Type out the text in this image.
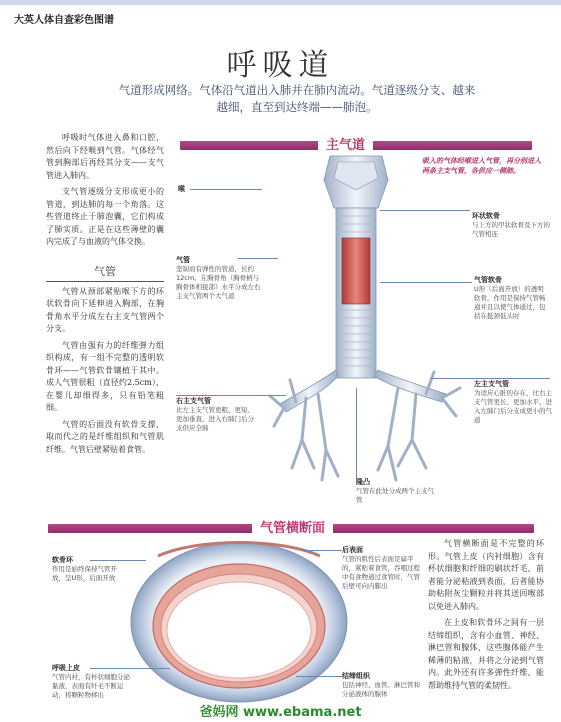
大英人体自查彩色图谱
呼吸道
气道形成网络。气体沿气道出入肺并在肺内流动。气道逐级分支、越来
越细，直至到达终端——肺泡。

呼吸时气体进入鼻和口腔，然后向下经喉到气管。气体经气管到胸部后再经其分支——支气管进入肺内。

支气管逐级分支形成更小的管道，到达肺的每一个角落。这些管道终止于肺泡囊，它们构成了肺实质。正是在这些薄壁的囊内完成了与血液的气体交换。

气管

气管从颈部紧贴喉下方的环状软骨向下延伸进入胸部，在胸骨角水平分成左右主支气管两个分支。

气管由强有力的纤维弹力组织构成，有一组不完整的透明软骨环——气管软骨镶植于其中。成人气管很粗（直径约2.5cm），在婴儿却细得多，只有铅笔粗细。

气管的后面没有软骨支撑，取而代之的是纤维组织和气管肌纤维。气管后壁紧贴着食管。

主气道
吸入的气体经喉进入气管，再分别进入两条主支气管，各供应一侧肺。
喉
环状软骨
与上方的甲状软骨及下方的气管相连
气管
坚韧而有弹性的管道，长约12cm。在胸骨角（胸骨柄与胸骨体相接部）水平分成左右主支气管两个大气道
气管软骨
U形（后面开放）的透明软骨，作用是保持气管畅通并且以使气体通过，包括在挺颈低头时
右主支气管
比左主支气管更粗、更短、更加垂直，进入右肺门后分支供应全肺
左主支气管
为适应心脏的存在，比右主支气管更长、更加水平，进入左肺门后分支成更小的气道
隆凸
气管在此处分成两个主支气管
气管横断面
软骨环
作用是始终保持气管开放，呈U形，后面开放
后表面
气管的肌性后表面是扁平的，紧贴着食管，吞咽过程中有食物通过食管时，气管后壁可向内膨出
呼吸上皮
气管内衬，有杯状细胞分泌黏液，表面有纤毛不断运动，将颗粒物移出
结缔组织
包括神经、血管、淋巴管和分泌液体的腺体

气管横断面是不完整的环形。气管上皮（内衬细胞）含有杯状细胞和纤细的刷状纤毛，前者能分泌粘液到表面，后者能协助粘附灰尘颗粒并将其送回喉部以免进入肺内。

在上皮和软骨环之间有一层结缔组织，含有小血管、神经、淋巴管和腺体，这些腺体能产生稀薄的粘液，并将之分泌到气管内。此外还有许多弹性纤维，能帮助维持气管的柔韧性。

爸妈网 www.ebama.net
